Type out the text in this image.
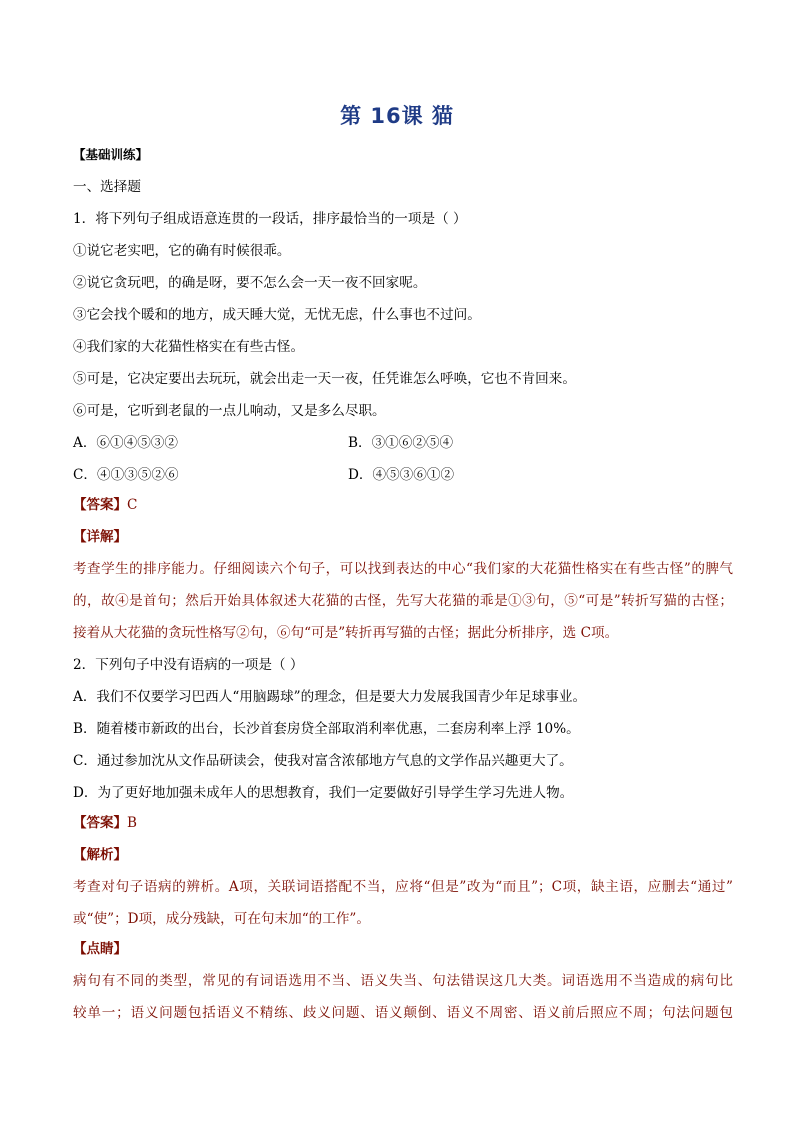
第 16课 猫
【基础训练】
一、选择题
1．将下列句子组成语意连贯的一段话，排序最恰当的一项是（ ）
①说它老实吧，它的确有时候很乖。
②说它贪玩吧，的确是呀，要不怎么会一天一夜不回家呢。
③它会找个暖和的地方，成天睡大觉，无忧无虑，什么事也不过问。
④我们家的大花猫性格实在有些古怪。
⑤可是，它决定要出去玩玩，就会出走一天一夜，任凭谁怎么呼唤，它也不肯回来。
⑥可是，它听到老鼠的一点儿响动，又是多么尽职。
A．⑥①④⑤③②	B．③①⑥②⑤④
C．④①③⑤②⑥	D．④⑤③⑥①②
【答案】C
【详解】
考查学生的排序能力。仔细阅读六个句子，可以找到表达的中心“我们家的大花猫性格实在有些古怪”的脾气
的，故④是首句；然后开始具体叙述大花猫的古怪，先写大花猫的乖是①③句，⑤“可是”转折写猫的古怪；
接着从大花猫的贪玩性格写②句，⑥句“可是”转折再写猫的古怪；据此分析排序，选 C项。
2．下列句子中没有语病的一项是（ ）
A．我们不仅要学习巴西人“用脑踢球”的理念，但是要大力发展我国青少年足球事业。
B．随着楼市新政的出台，长沙首套房贷全部取消利率优惠，二套房利率上浮 10%。
C．通过参加沈从文作品研读会，使我对富含浓郁地方气息的文学作品兴趣更大了。
D．为了更好地加强未成年人的思想教育，我们一定要做好引导学生学习先进人物。
【答案】B
【解析】
考查对句子语病的辨析。A项，关联词语搭配不当，应将“但是”改为“而且”；C项，缺主语，应删去“通过”
或“使”；D项，成分残缺，可在句末加“的工作”。
【点睛】
病句有不同的类型，常见的有词语选用不当、语义失当、句法错误这几大类。词语选用不当造成的病句比
较单一；语义问题包括语义不精练、歧义问题、语义颠倒、语义不周密、语义前后照应不周；句法问题包
